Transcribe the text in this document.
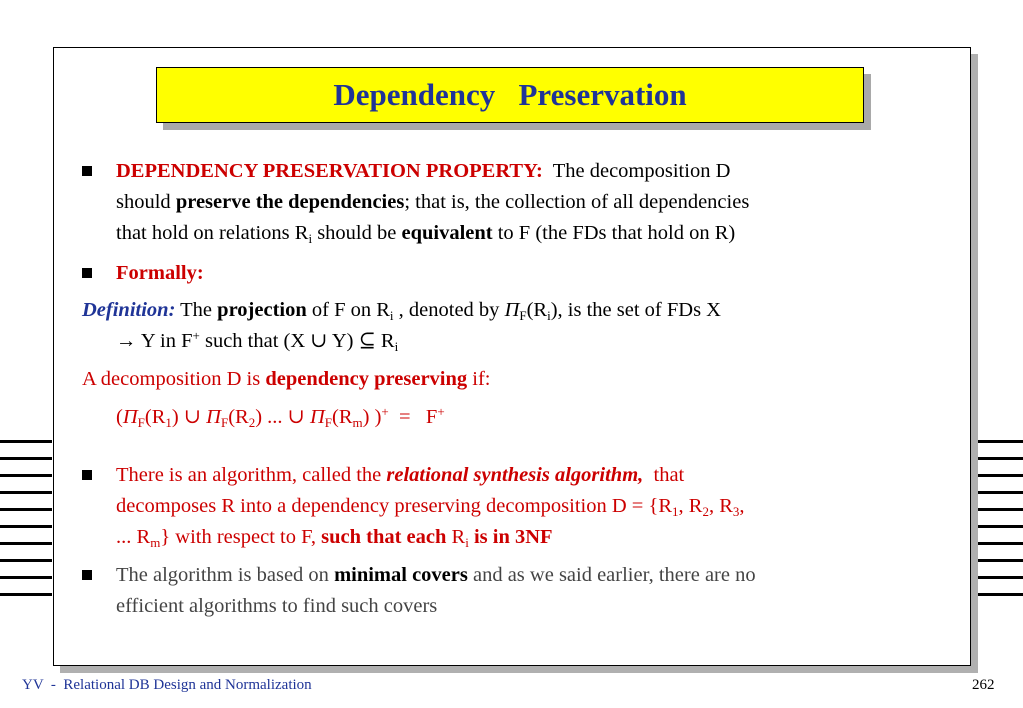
Dependency   Preservation
DEPENDENCY PRESERVATION PROPERTY: The decomposition D
should preserve the dependencies; that is, the collection of all dependencies
that hold on relations $R_i$ should be equivalent to F (the FDs that hold on R)
Formally:
Definition: The projection of F on $R_i$ , denoted by $\Pi_F(R_i)$, is the set of FDs X
→ Y in F+ such that (X ∪ Y) ⊆ $R_i$
A decomposition D is dependency preserving if:
($\Pi_F(R_1)$ ∪ $\Pi_F(R_2)$ ... ∪ $\Pi_F(R_m) )^+ = F^+$
There is an algorithm, called the relational synthesis algorithm,  that
decomposes R into a dependency preserving decomposition $D = \{R_1$, $R_2$, $R_3$,
... $R_m$} with respect to F, such that each $R_i$ is in 3NF
The algorithm is based on minimal covers and as we said earlier, there are no
efficient algorithms to find such covers
YV  -  Relational DB Design and Normalization	262
